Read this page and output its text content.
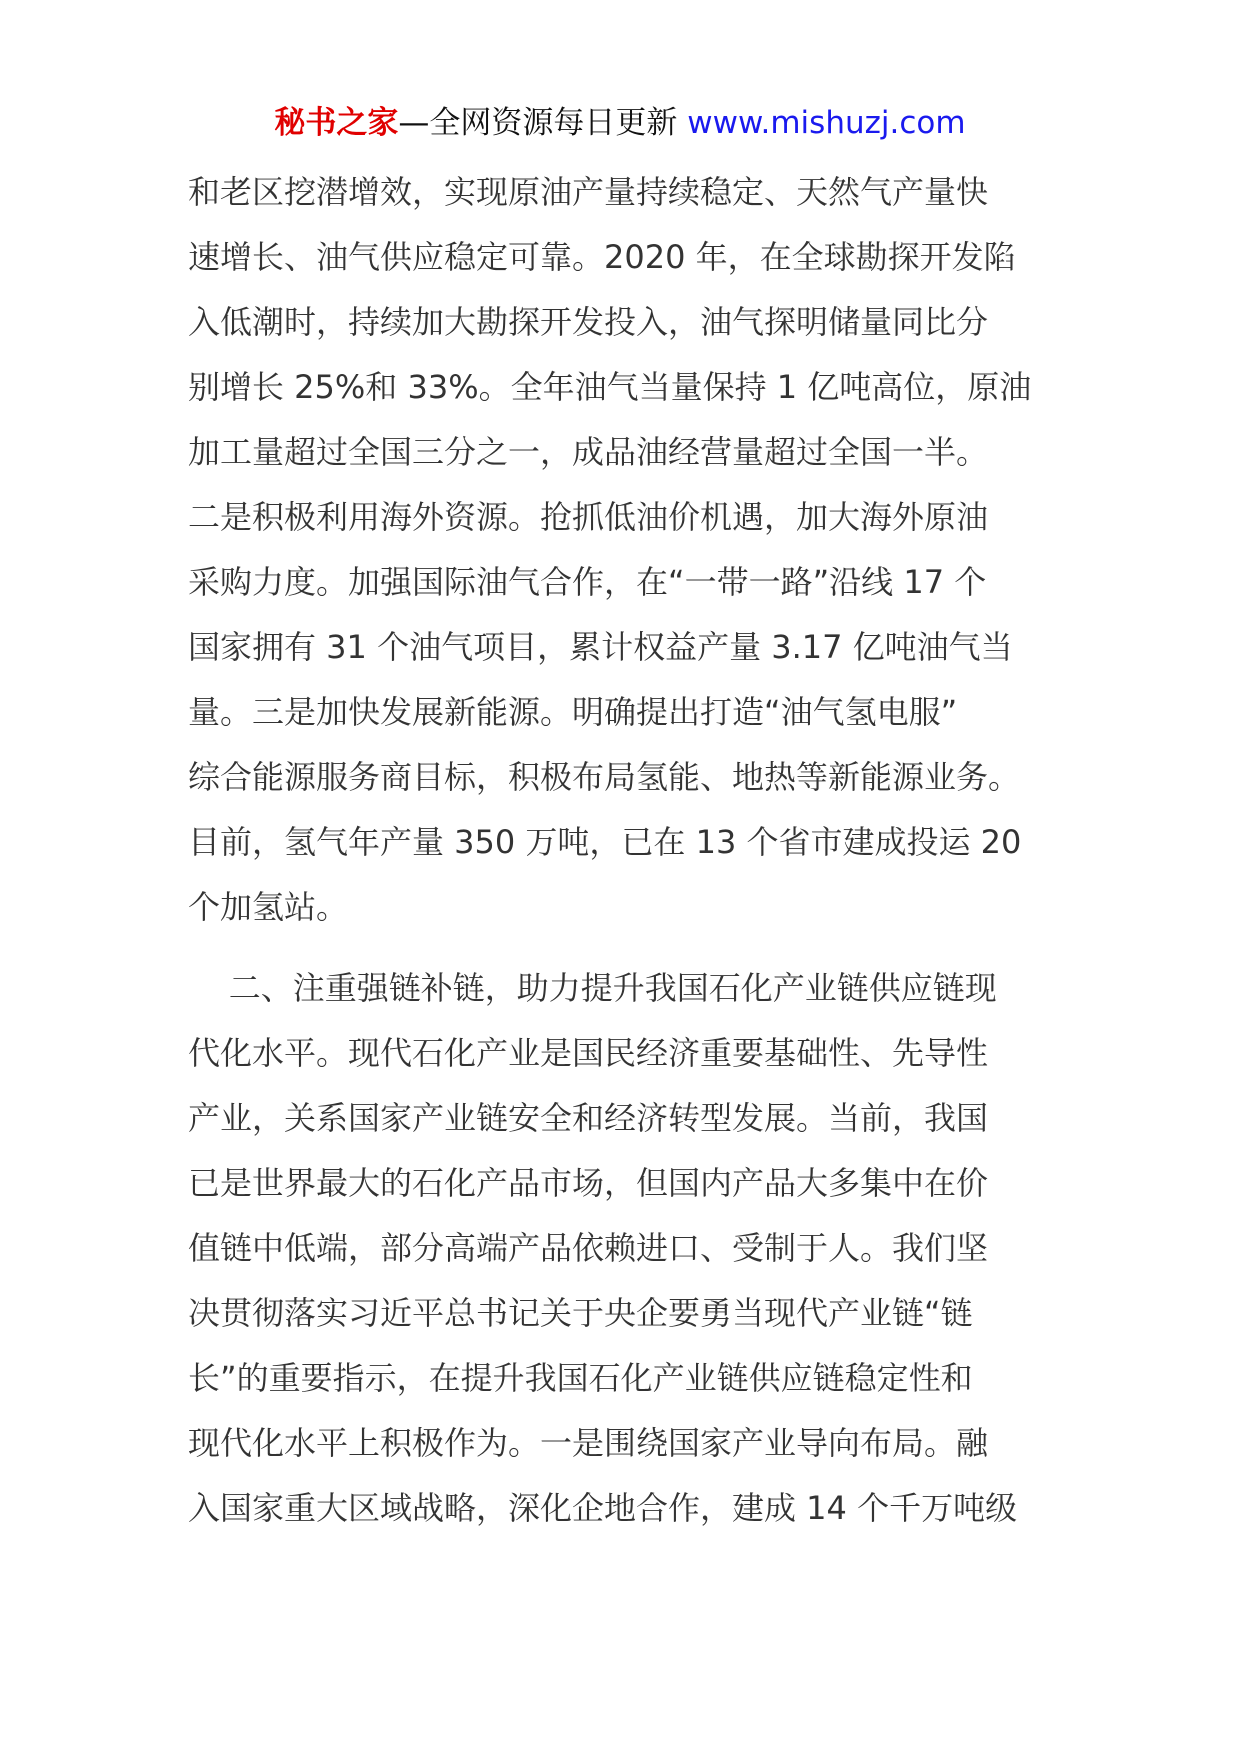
秘书之家—全网资源每日更新 www.mishuzj.com
和老区挖潜增效，实现原油产量持续稳定、天然气产量快
速增长、油气供应稳定可靠。2020 年，在全球勘探开发陷
入低潮时，持续加大勘探开发投入，油气探明储量同比分
别增长 25%和 33%。全年油气当量保持 1 亿吨高位，原油
加工量超过全国三分之一，成品油经营量超过全国一半。
二是积极利用海外资源。抢抓低油价机遇，加大海外原油
采购力度。加强国际油气合作，在“一带一路”沿线 17 个
国家拥有 31 个油气项目，累计权益产量 3.17 亿吨油气当
量。三是加快发展新能源。明确提出打造“油气氢电服”
综合能源服务商目标，积极布局氢能、地热等新能源业务。
目前，氢气年产量 350 万吨，已在 13 个省市建成投运 20
个加氢站。
二、注重强链补链，助力提升我国石化产业链供应链现
代化水平。现代石化产业是国民经济重要基础性、先导性
产业，关系国家产业链安全和经济转型发展。当前，我国
已是世界最大的石化产品市场，但国内产品大多集中在价
值链中低端，部分高端产品依赖进口、受制于人。我们坚
决贯彻落实习近平总书记关于央企要勇当现代产业链“链
长”的重要指示，在提升我国石化产业链供应链稳定性和
现代化水平上积极作为。一是围绕国家产业导向布局。融
入国家重大区域战略，深化企地合作，建成 14 个千万吨级
